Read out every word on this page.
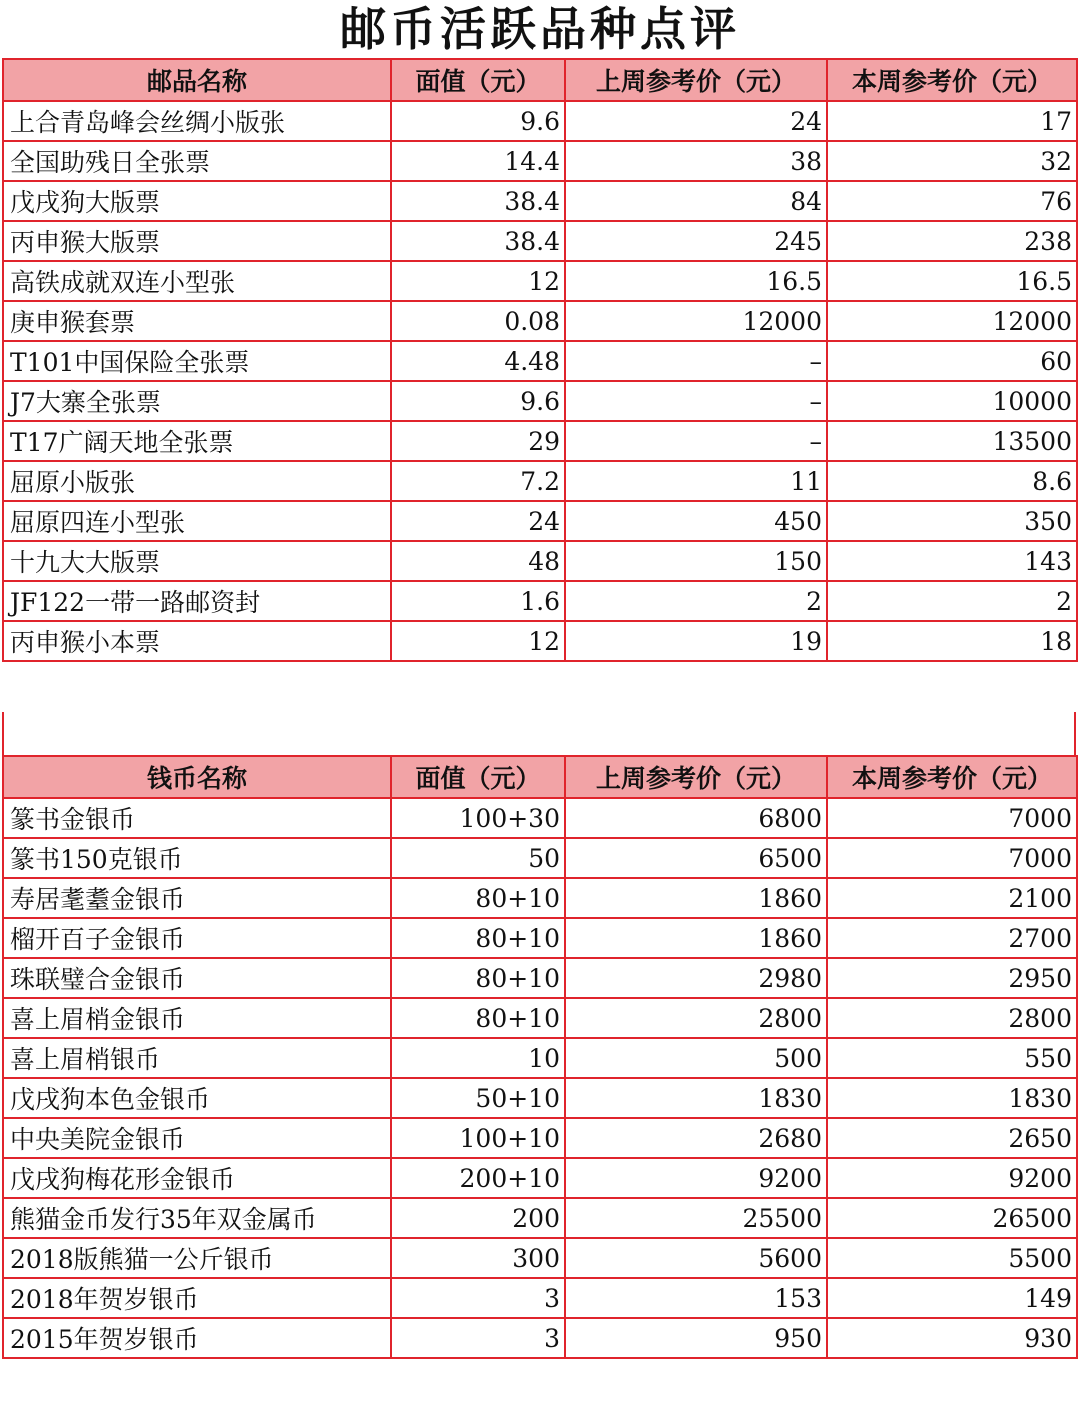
邮币活跃品种点评
邮品名称	面值（元）	上周参考价（元）	本周参考价（元）
上合青岛峰会丝绸小版张	9.6	24	17
全国助残日全张票	14.4	38	32
戊戌狗大版票	38.4	84	76
丙申猴大版票	38.4	245	238
高铁成就双连小型张	12	16.5	16.5
庚申猴套票	0.08	12000	12000
T101中国保险全张票	4.48	–	60
J7大寨全张票	9.6	–	10000
T17广阔天地全张票	29	–	13500
屈原小版张	7.2	11	8.6
屈原四连小型张	24	450	350
十九大大版票	48	150	143
JF122一带一路邮资封	1.6	2	2
丙申猴小本票	12	19	18
钱币名称	面值（元）	上周参考价（元）	本周参考价（元）
篆书金银币	100+30	6800	7000
篆书150克银币	50	6500	7000
寿居耄耋金银币	80+10	1860	2100
榴开百子金银币	80+10	1860	2700
珠联璧合金银币	80+10	2980	2950
喜上眉梢金银币	80+10	2800	2800
喜上眉梢银币	10	500	550
戊戌狗本色金银币	50+10	1830	1830
中央美院金银币	100+10	2680	2650
戊戌狗梅花形金银币	200+10	9200	9200
熊猫金币发行35年双金属币	200	25500	26500
2018版熊猫一公斤银币	300	5600	5500
2018年贺岁银币	3	153	149
2015年贺岁银币	3	950	930
